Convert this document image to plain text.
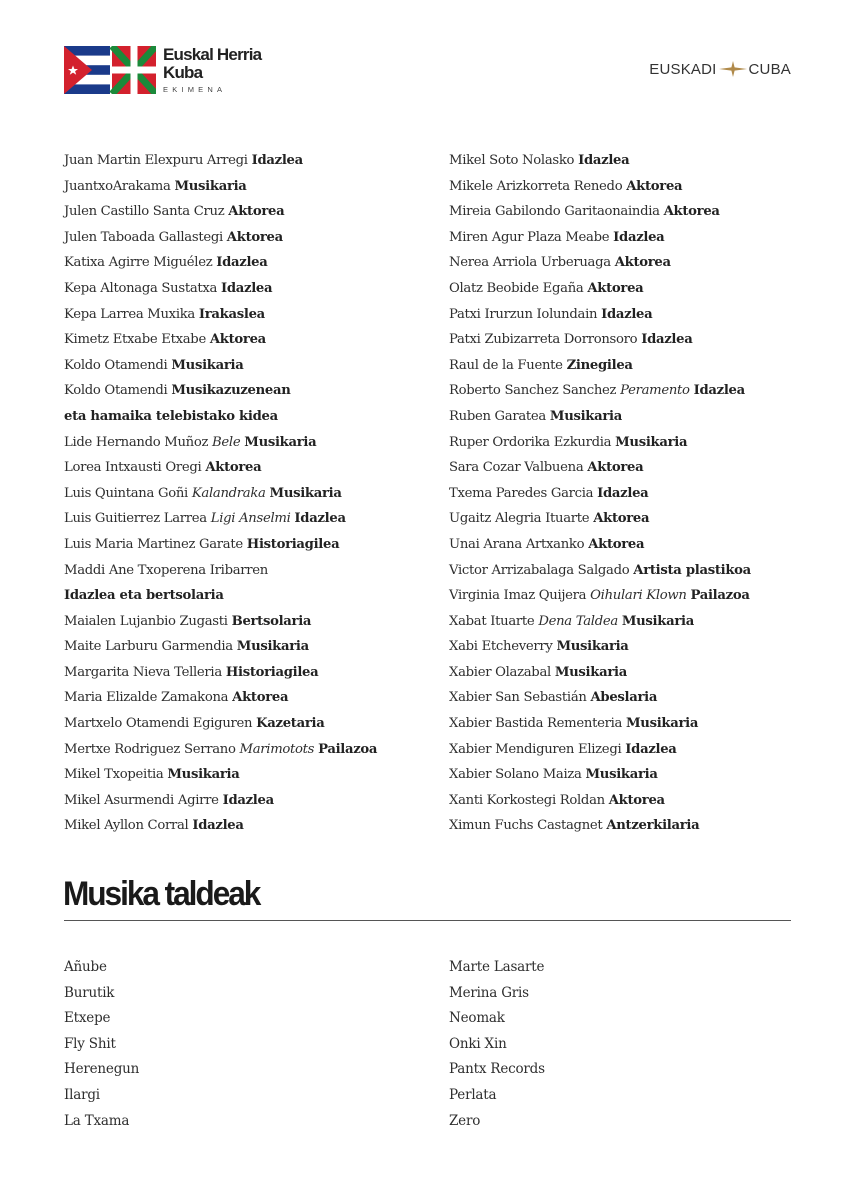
Euskal Herria
Kuba
EKIMENA
EUSKADI CUBA
Juan Martin Elexpuru Arregi Idazlea
JuantxoArakama Musikaria
Julen Castillo Santa Cruz Aktorea
Julen Taboada Gallastegi Aktorea
Katixa Agirre Miguélez Idazlea
Kepa Altonaga Sustatxa Idazlea
Kepa Larrea Muxika Irakaslea
Kimetz Etxabe Etxabe Aktorea
Koldo Otamendi Musikaria
Koldo Otamendi Musikazuzenean
eta hamaika telebistako kidea
Lide Hernando Muñoz Bele Musikaria
Lorea Intxausti Oregi Aktorea
Luis Quintana Goñi Kalandraka Musikaria
Luis Guitierrez Larrea Ligi Anselmi Idazlea
Luis Maria Martinez Garate Historiagilea
Maddi Ane Txoperena Iribarren
Idazlea eta bertsolaria
Maialen Lujanbio Zugasti Bertsolaria
Maite Larburu Garmendia Musikaria
Margarita Nieva Telleria Historiagilea
Maria Elizalde Zamakona Aktorea
Martxelo Otamendi Egiguren Kazetaria
Mertxe Rodriguez Serrano Marimotots Pailazoa
Mikel Txopeitia Musikaria
Mikel Asurmendi Agirre Idazlea
Mikel Ayllon Corral Idazlea
Mikel Soto Nolasko Idazlea
Mikele Arizkorreta Renedo Aktorea
Mireia Gabilondo Garitaonaindia Aktorea
Miren Agur Plaza Meabe Idazlea
Nerea Arriola Urberuaga Aktorea
Olatz Beobide Egaña Aktorea
Patxi Irurzun Iolundain Idazlea
Patxi Zubizarreta Dorronsoro Idazlea
Raul de la Fuente Zinegilea
Roberto Sanchez Sanchez Peramento Idazlea
Ruben Garatea Musikaria
Ruper Ordorika Ezkurdia Musikaria
Sara Cozar Valbuena Aktorea
Txema Paredes Garcia Idazlea
Ugaitz Alegria Ituarte Aktorea
Unai Arana Artxanko Aktorea
Victor Arrizabalaga Salgado Artista plastikoa
Virginia Imaz Quijera Oihulari Klown Pailazoa
Xabat Ituarte Dena Taldea Musikaria
Xabi Etcheverry Musikaria
Xabier Olazabal Musikaria
Xabier San Sebastián Abeslaria
Xabier Bastida Rementeria Musikaria
Xabier Mendiguren Elizegi Idazlea
Xabier Solano Maiza Musikaria
Xanti Korkostegi Roldan Aktorea
Ximun Fuchs Castagnet Antzerkilaria
Musika taldeak
Añube
Burutik
Etxepe
Fly Shit
Herenegun
Ilargi
La Txama
Marte Lasarte
Merina Gris
Neomak
Onki Xin
Pantx Records
Perlata
Zero
